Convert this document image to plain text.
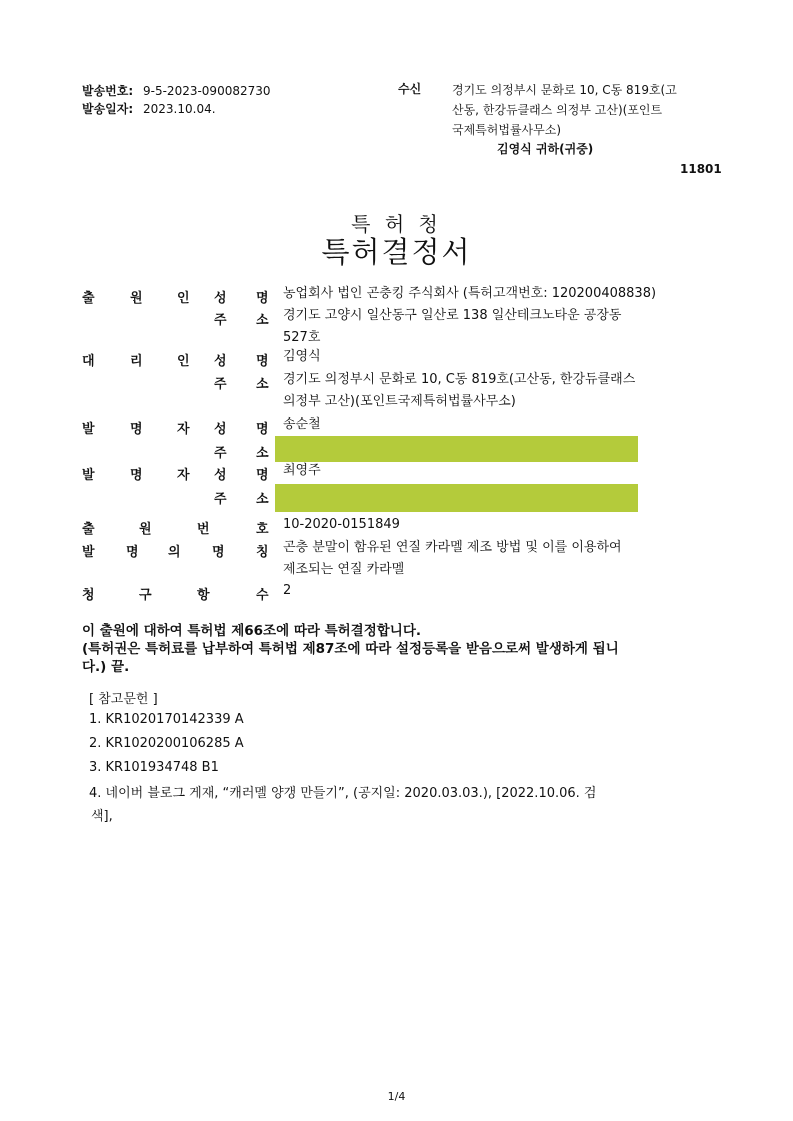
발송번호: 9-5-2023-090082730
발송일자: 2023.10.04.
수신	경기도 의정부시 문화로 10, C동 819호(고
산동, 한강듀클래스 의정부 고산)(포인트
국제특허법률사무소)
김영식 귀하(귀중)
11801
특 허 청
특허결정서
출	원	인 성 명 농업회사 법인 곤충킹 주식회사 (특허고객번호: 120200408838)
주 소 경기도 고양시 일산동구 일산로 138 일산테크노타운 공장동
527호
대	리	인 성 명 김영식
주 소 경기도 의정부시 문화로 10, C동 819호(고산동, 한강듀클래스
의정부 고산)(포인트국제특허법률사무소)
발	명	자 성 명 송순철
주 소
발	명	자 성 명 최영주
주 소
출	원	번	호 10-2020-0151849
발 명 의 명 칭 곤충 분말이 함유된 연질 카라멜 제조 방법 및 이를 이용하여
제조되는 연질 카라멜
청	구	항	수 2
이 출원에 대하여 특허법 제66조에 따라 특허결정합니다.
(특허권은 특허료를 납부하여 특허법 제87조에 따라 설정등록을 받음으로써 발생하게 됩니
다.) 끝.
[ 참고문헌 ]
1. KR1020170142339 A
2. KR1020200106285 A
3. KR101934748 B1
4. 네이버 블로그 게재, “캐러멜 양갱 만들기”, (공지일: 2020.03.03.), [2022.10.06. 검
색],
1/4
